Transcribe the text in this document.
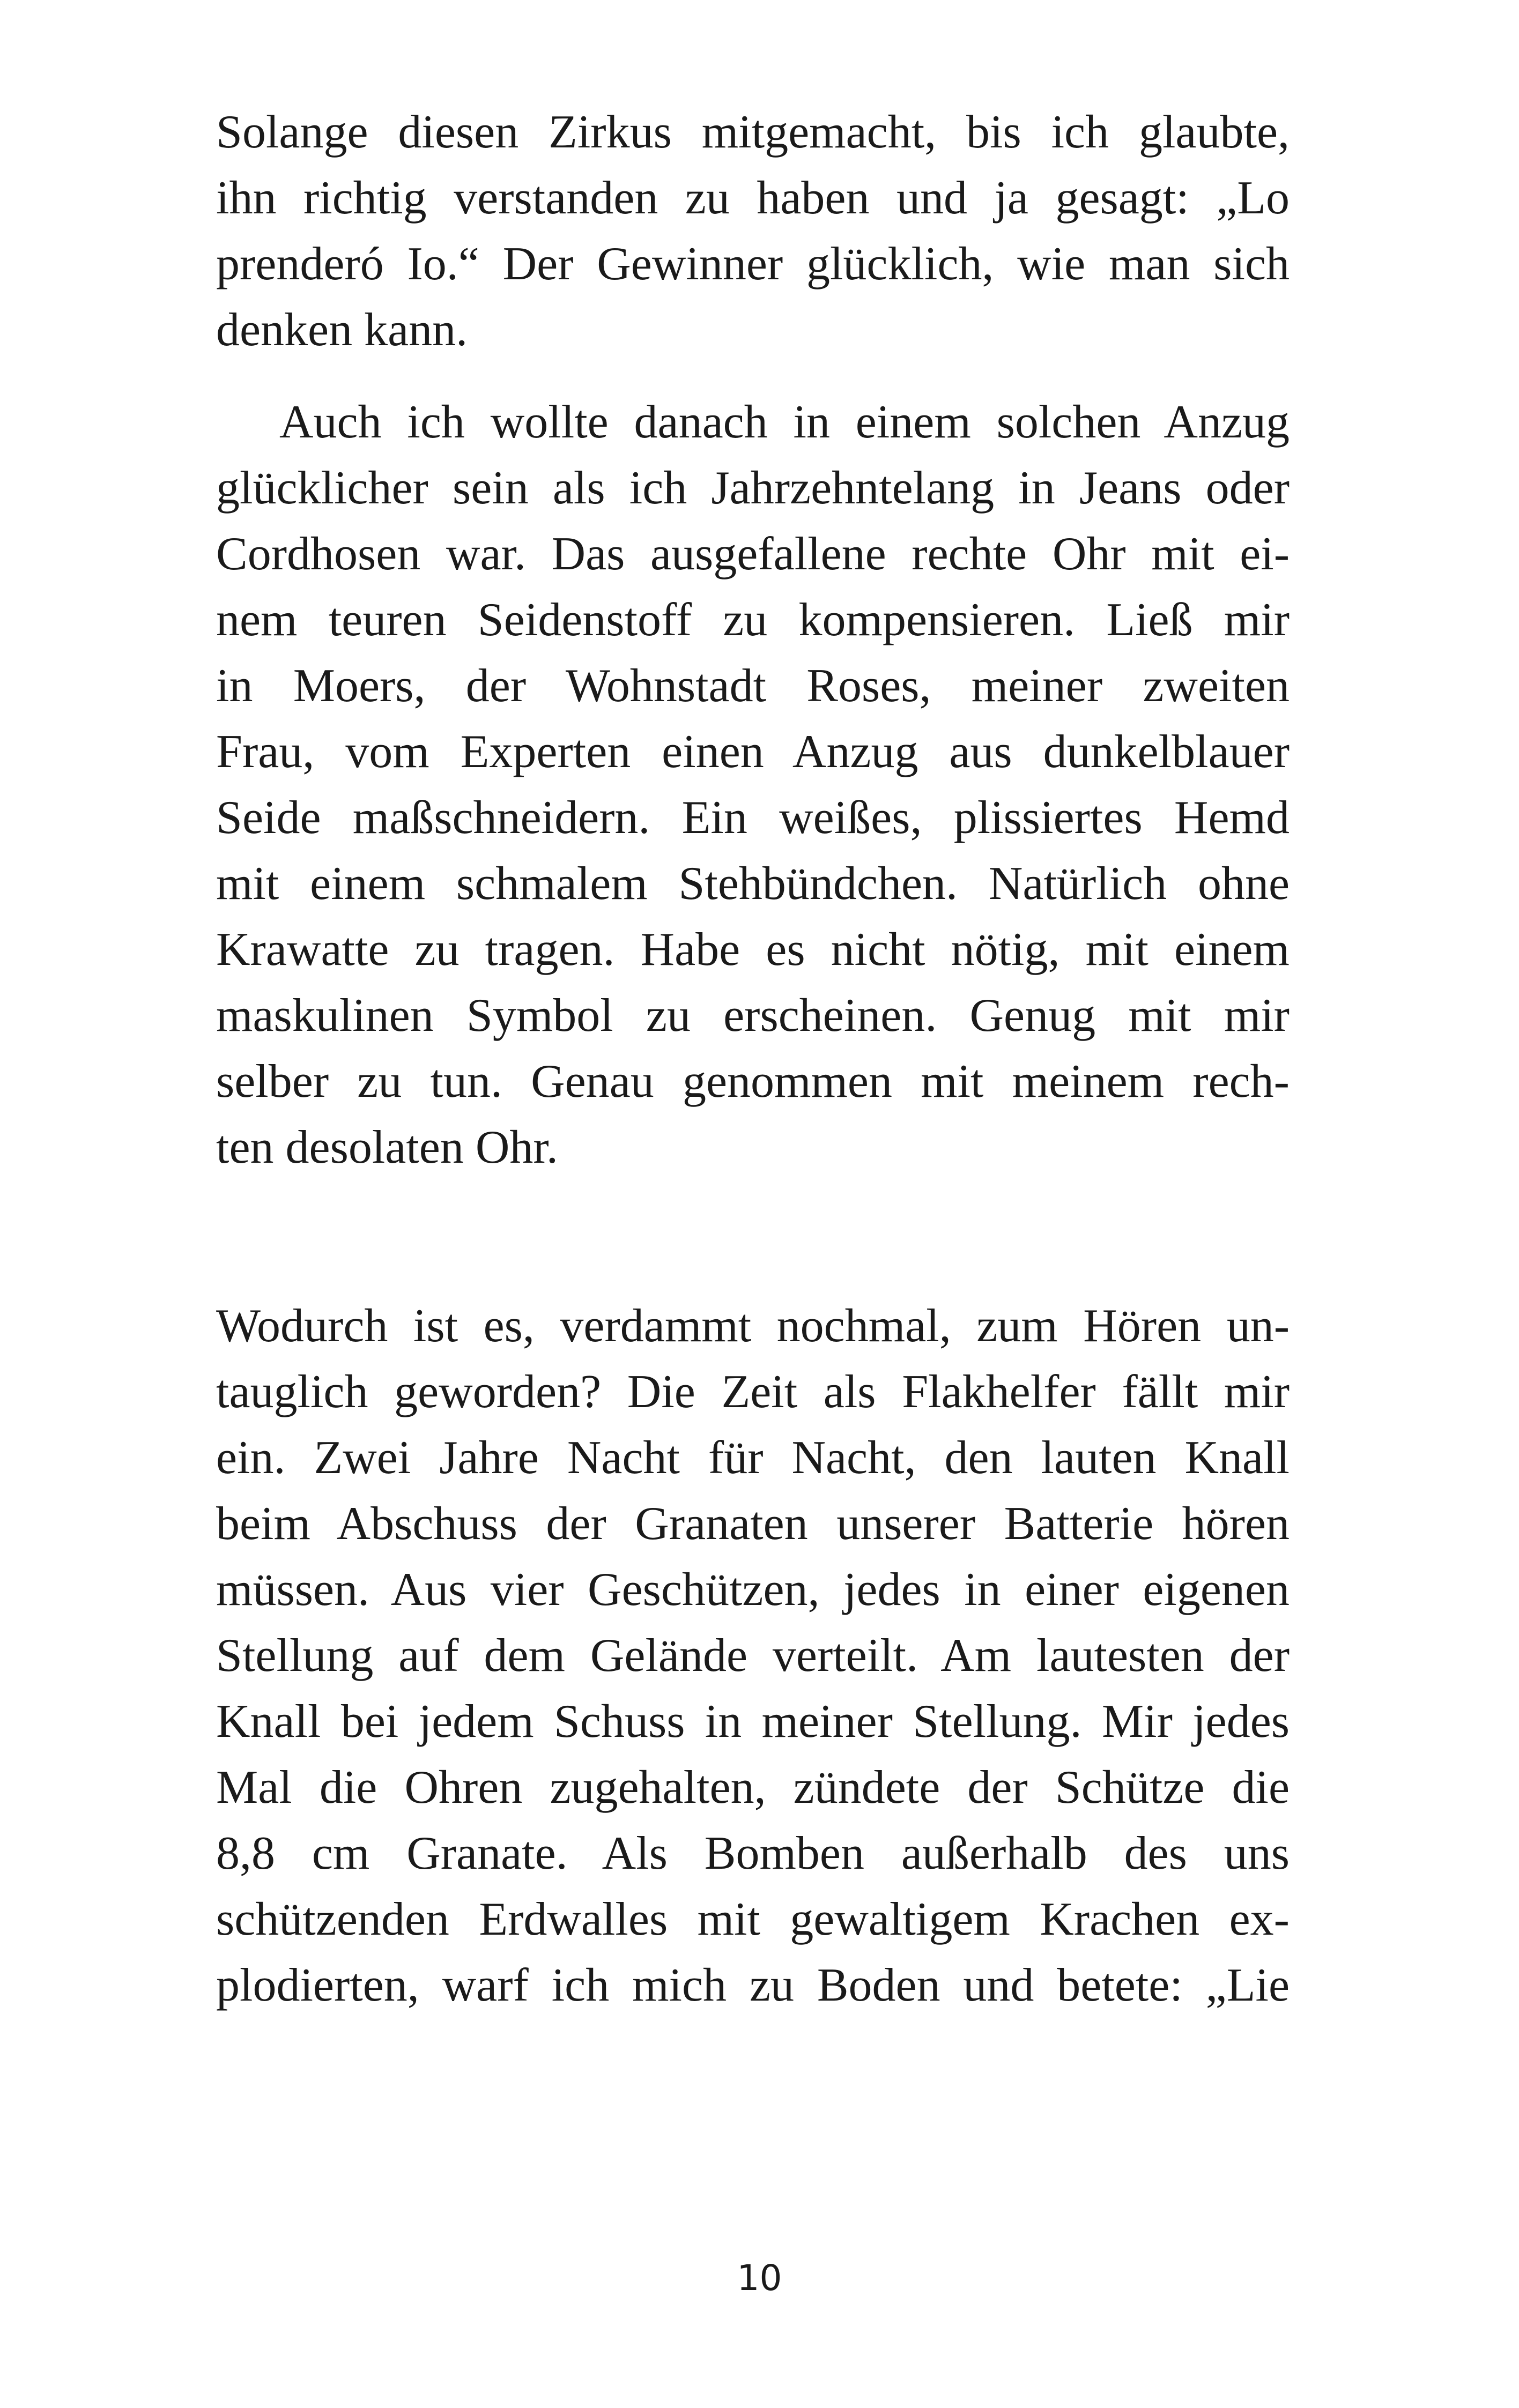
Solange diesen Zirkus mitgemacht, bis ich glaubte,
ihn richtig verstanden zu haben und ja gesagt: „Lo
prenderó Io.“ Der Gewinner glücklich, wie man sich
denken kann.
Auch ich wollte danach in einem solchen Anzug
glücklicher sein als ich Jahrzehntelang in Jeans oder
Cordhosen war. Das ausgefallene rechte Ohr mit ei-
nem teuren Seidenstoff zu kompensieren. Ließ mir
in Moers, der Wohnstadt Roses, meiner zweiten
Frau, vom Experten einen Anzug aus dunkelblauer
Seide maßschneidern. Ein weißes, plissiertes Hemd
mit einem schmalem Stehbündchen. Natürlich ohne
Krawatte zu tragen. Habe es nicht nötig, mit einem
maskulinen Symbol zu erscheinen. Genug mit mir
selber zu tun. Genau genommen mit meinem rech-
ten desolaten Ohr.
Wodurch ist es, verdammt nochmal, zum Hören un-
tauglich geworden? Die Zeit als Flakhelfer fällt mir
ein. Zwei Jahre Nacht für Nacht, den lauten Knall
beim Abschuss der Granaten unserer Batterie hören
müssen. Aus vier Geschützen, jedes in einer eigenen
Stellung auf dem Gelände verteilt. Am lautesten der
Knall bei jedem Schuss in meiner Stellung. Mir jedes
Mal die Ohren zugehalten, zündete der Schütze die
8,8 cm Granate. Als Bomben außerhalb des uns
schützenden Erdwalles mit gewaltigem Krachen ex-
plodierten, warf ich mich zu Boden und betete: „Lie
10
